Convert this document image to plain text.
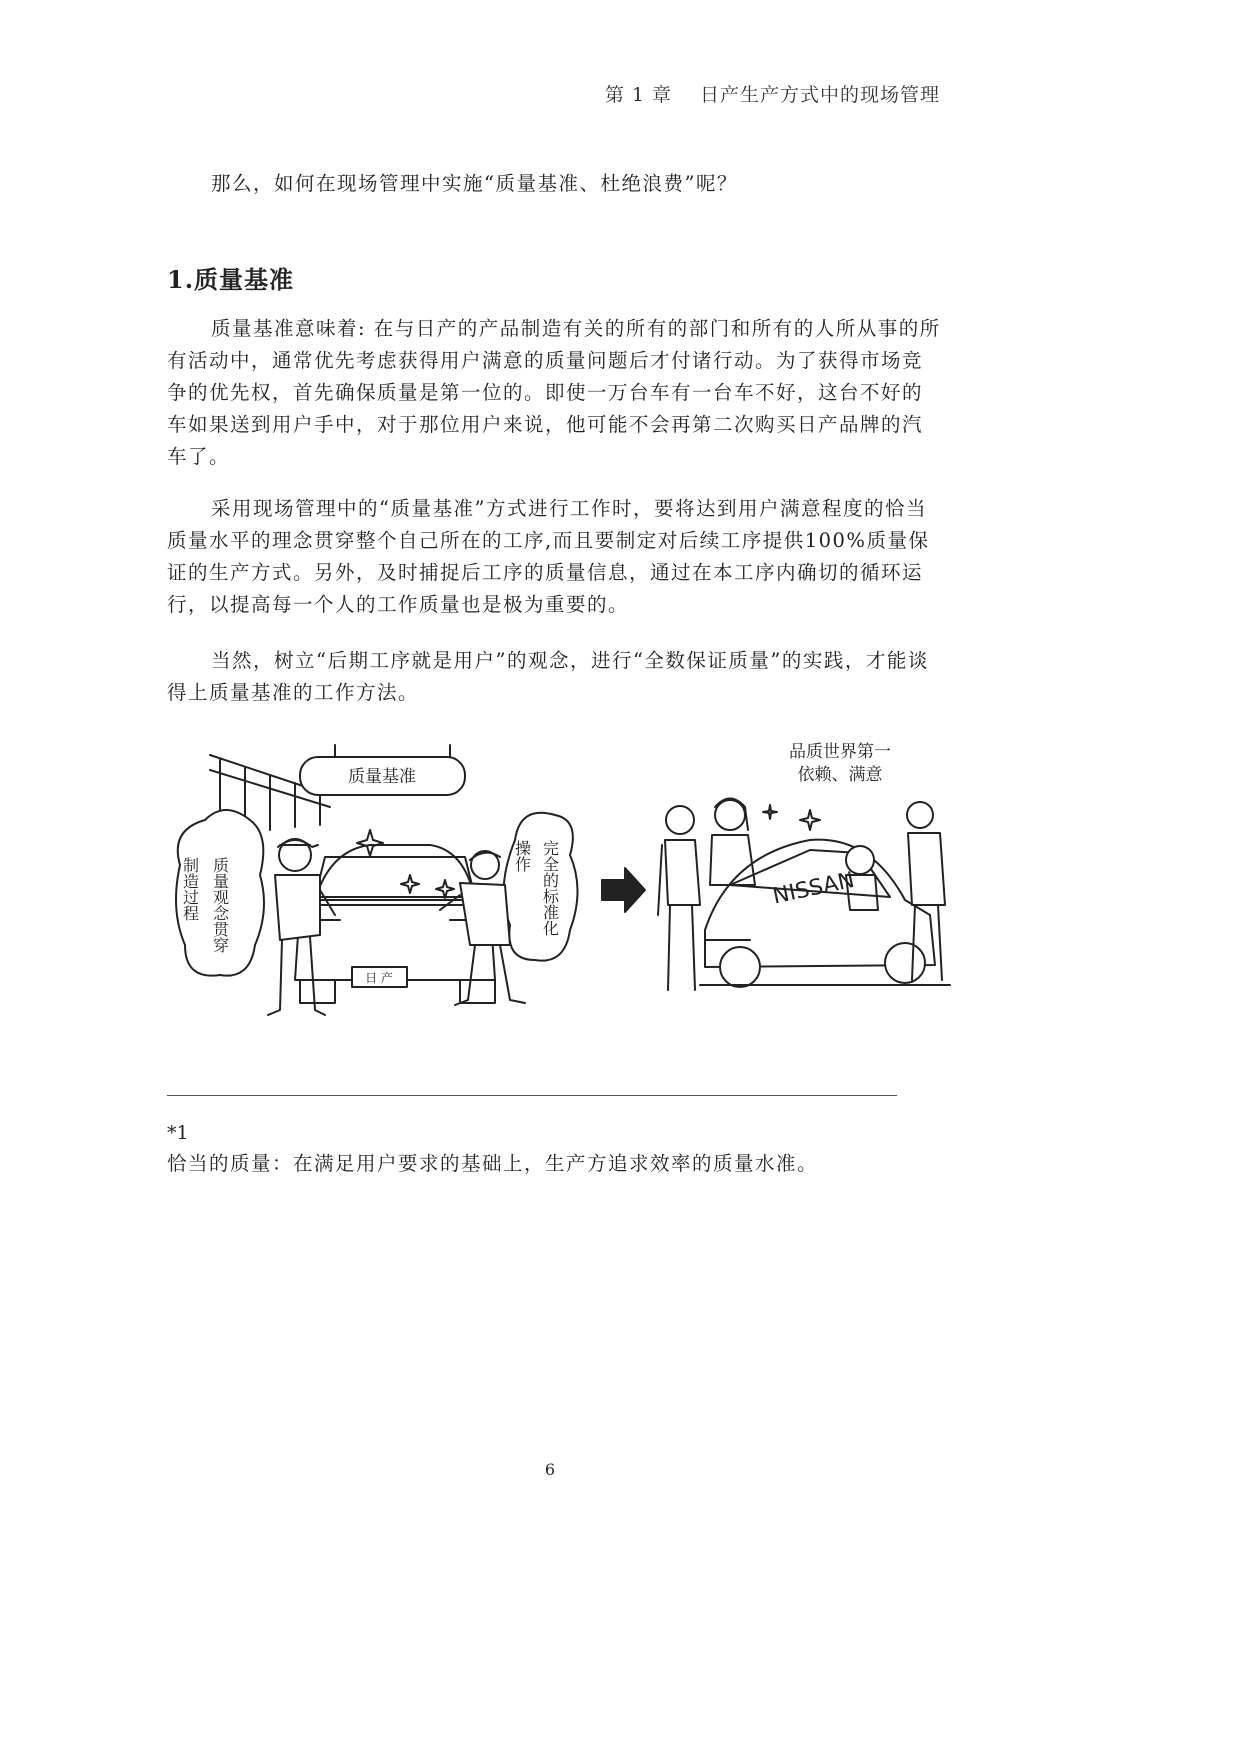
第 1 章 日产生产方式中的现场管理
那么，如何在现场管理中实施“质量基准、杜绝浪费”呢？
1.质量基准
质量基准意味着: 在与日产的产品制造有关的所有的部门和所有的人所从事的所有活动中，通常优先考虑获得用户满意的质量问题后才付诸行动。为了获得市场竞争的优先权，首先确保质量是第一位的。即使一万台车有一台车不好，这台不好的车如果送到用户手中，对于那位用户来说，他可能不会再第二次购买日产品牌的汽车了。
采用现场管理中的“质量基准”方式进行工作时，要将达到用户满意程度的恰当质量水平的理念贯穿整个自己所在的工序,而且要制定对后续工序提供100%质量保证的生产方式。另外，及时捕捉后工序的质量信息，通过在本工序内确切的循环运行，以提高每一个人的工作质量也是极为重要的。
当然，树立“后期工序就是用户”的观念，进行“全数保证质量”的实践，才能谈得上质量基准的工作方法。
质量基准
制造过程 质量观念贯穿
操作 完全的标准化
日 产
品质世界第一
依赖、满意
NISSAN
*1
恰当的质量：在满足用户要求的基础上，生产方追求效率的质量水准。
6
